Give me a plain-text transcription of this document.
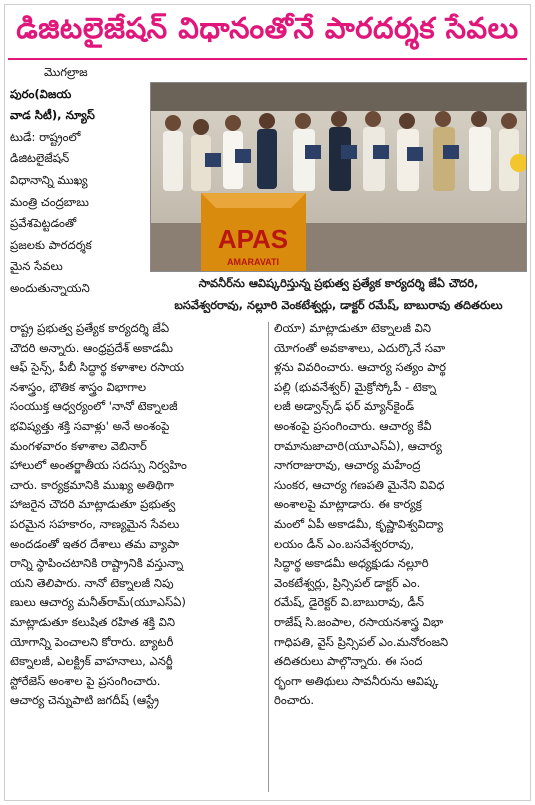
డిజిటలైజేషన్‌ విధానంతోనే పారదర్శక సేవలు
మొగల్రాజ
పురం(విజయ
వాడ సిటీ), న్యూస్‌
టుడే: రాష్ట్రంలో
డిజిటలైజేషన్‌
విధానాన్ని ముఖ్య
మంత్రి చంద్రబాబు
ప్రవేశపెట్టడంతో
ప్రజలకు పారదర్శక
మైన సేవలు
అందుతున్నాయని
APAS
AMARAVATI
సావనీర్‌ను ఆవిష్కరిస్తున్న ప్రభుత్వ ప్రత్యేక కార్యదర్శి జేఏ చౌదరి,
బసవేశ్వరరావు, నల్లూరి వెంకటేశ్వర్లు, డాక్టర్‌ రమేష్‌, బాబురావు తదితరులు
రాష్ట్ర ప్రభుత్వ ప్రత్యేక కార్యదర్శి జేఏ
చౌదరి అన్నారు. ఆంధ్రప్రదేశ్‌ అకాడమీ
ఆఫ్‌ సైన్స్‌, పీబీ సిద్ధార్థ కళాశాల రసాయ
నశాస్త్రం, భౌతిక శాస్త్రం విభాగాల
సంయుక్త ఆధ్వర్యంలో 'నానో టెక్నాలజీ
భవిష్యత్తు శక్తి సవాళ్లు' అనే అంశంపై
మంగళవారం కళాశాల వెబినార్‌
హాలులో అంతర్జాతీయ సదస్సు నిర్వహిం
చారు. కార్యక్రమానికి ముఖ్య అతిథిగా
హాజరైన చౌదరి మాట్లాడుతూ ప్రభుత్వ
పరమైన సహకారం, నాణ్యమైన సేవలు
అందడంతో ఇతర దేశాలు తమ వ్యాపా
రాన్ని స్థాపించటానికి రాష్ట్రానికి వస్తున్నా
యని తెలిపారు. నానో టెక్నాలజీ నిపు
ణులు ఆచార్య మనీత్‌రామ్‌(యూఎస్‌ఏ)
మాట్లాడుతూ కలుషిత రహిత శక్తి విని
యోగాన్ని పెంచాలని కోరారు. బ్యాటరీ
టెక్నాలజీ, ఎలక్ట్రిక్‌ వాహనాలు, ఎనర్జీ
స్టోరేజెస్‌ అంశాల పై ప్రసంగించారు.
ఆచార్య చెన్నుపాటి జగదీష్‌ (ఆస్ట్రే
లియా) మాట్లాడుతూ టెక్నాలజీ విని
యోగంతో అవకాశాలు, ఎదుర్కొనే సవా
ళ్లను వివరించారు. ఆచార్య సత్యం పార్థ
పల్లి (భువనేశ్వర్‌) మైక్రోస్కోపీ - టెక్నా
లజీ అడ్వాన్స్‌డ్‌ ఫర్‌ మ్యాన్‌కైండ్‌
అంశంపై ప్రసంగించారు. ఆచార్య కేవీ
రామానుజాచారి(యూఎస్‌ఏ), ఆచార్య
నాగరాజురావు, ఆచార్య మహేంద్ర
సుంకర, ఆచార్య గణపతి మైనేని వివిధ
అంశాలపై మాట్లాడారు. ఈ కార్యక్ర
మంలో ఏపీ అకాడమీ, కృష్ణావిశ్వవిద్యా
లయం డీన్‌ ఎం.బసవేశ్వరరావు,
సిద్ధార్థ అకాడమీ అధ్యక్షుడు నల్లూరి
వెంకటేశ్వర్లు, ప్రిన్సిపల్‌ డాక్టర్‌ ఎం.
రమేష్‌, డైరెక్టర్‌ వి.బాబురావు, డీన్‌
రాజేష్‌ సి.జంపాల, రసాయనశాస్త్ర విభా
గాధిపతి, వైస్‌ ప్రిన్సిపల్‌ ఎం.మనోరంజని
తదితరులు పాల్గొన్నారు. ఈ సంద
ర్భంగా అతిథులు సావనీరును ఆవిష్క
రించారు.
